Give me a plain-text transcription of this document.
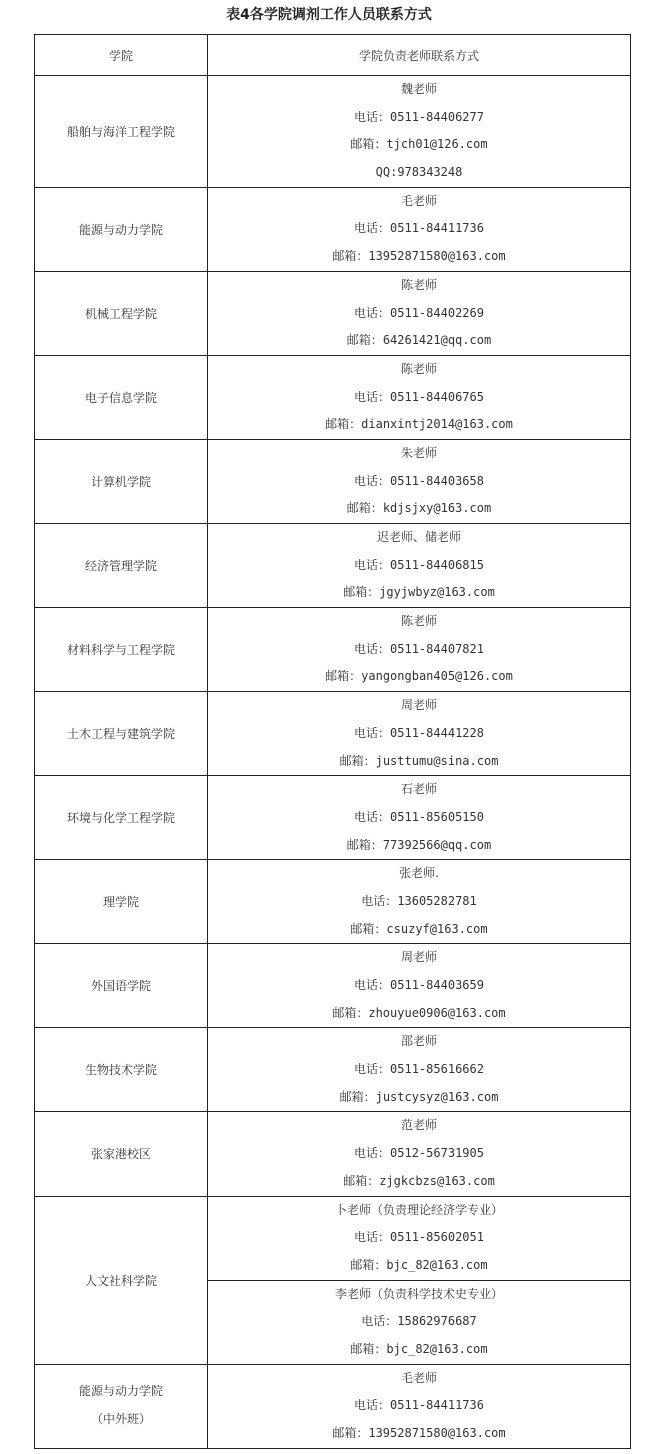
表4各学院调剂工作人员联系方式
学院	学院负责老师联系方式
船舶与海洋工程学院	魏老师
电话：0511-84406277
邮箱：tjch01@126.com
QQ:978343248

能源与动力学院	毛老师
电话：0511-84411736
邮箱：13952871580@163.com

机械工程学院	陈老师
电话：0511-84402269
邮箱：64261421@qq.com

电子信息学院	陈老师
电话：0511-84406765
邮箱：dianxintj2014@163.com

计算机学院	朱老师
电话：0511-84403658
邮箱：kdjsjxy@163.com

经济管理学院	迟老师、储老师
电话：0511-84406815
邮箱：jgyjwbyz@163.com

材料科学与工程学院	陈老师
电话：0511-84407821
邮箱：yangongban405@126.com

土木工程与建筑学院	周老师
电话：0511-84441228
邮箱：justtumu@sina.com

环境与化学工程学院	石老师
电话：0511-85605150
邮箱：77392566@qq.com

理学院	张老师.
电话：13605282781
邮箱：csuzyf@163.com

外国语学院	周老师
电话：0511-84403659
邮箱：zhouyue0906@163.com

生物技术学院	邵老师
电话：0511-85616662
邮箱：justcysyz@163.com

张家港校区	范老师
电话：0512-56731905
邮箱：zjgkcbzs@163.com

人文社科学院	卜老师（负责理论经济学专业）
电话：0511-85602051
邮箱：bjc_82@163.com

	李老师（负责科学技术史专业）
电话：15862976687
邮箱：bjc_82@163.com

能源与动力学院
（中外班）	毛老师
电话：0511-84411736
邮箱：13952871580@163.com
